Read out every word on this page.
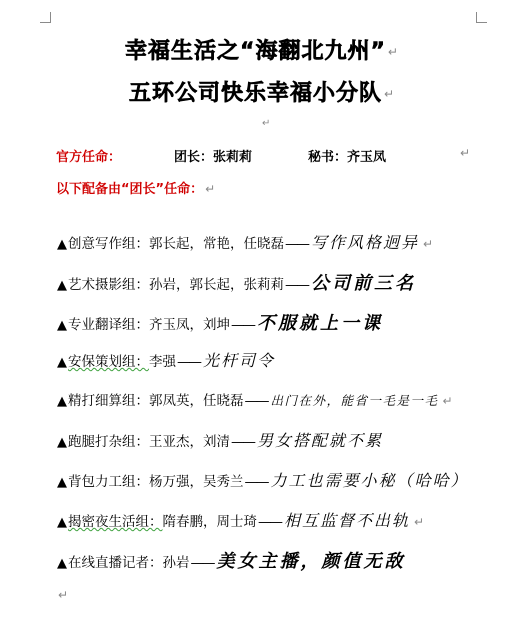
幸福生活之“海翻北九州” ↵
五环公司快乐幸福小分队 ↵
↵
官方任命：	团长：张莉莉	秘书：齐玉凤	↵
以下配备由“团长”任命： ↵
▲ 创意写作组： 郭长起，常艳，任晓磊 —— 写作风格迥异 ↵
▲ 艺术摄影组： 孙岩，郭长起，张莉莉 —— 公司前三名
▲ 专业翻译组： 齐玉凤，刘坤 —— 不服就上一课
▲ 安保策划组： 李强 —— 光杆司令
▲ 精打细算组： 郭凤英，任晓磊 —— 出门在外，能省一毛是一毛 ↵
▲ 跑腿打杂组： 王亚杰，刘清 —— 男女搭配就不累
▲ 背包力工组： 杨万强，吴秀兰 —— 力工也需要小秘（哈哈）
▲ 揭密夜生活组： 隋春鹏，周士琦 —— 相互监督不出轨 ↵
▲ 在线直播记者： 孙岩 —— 美女主播，颜值无敌
↵
